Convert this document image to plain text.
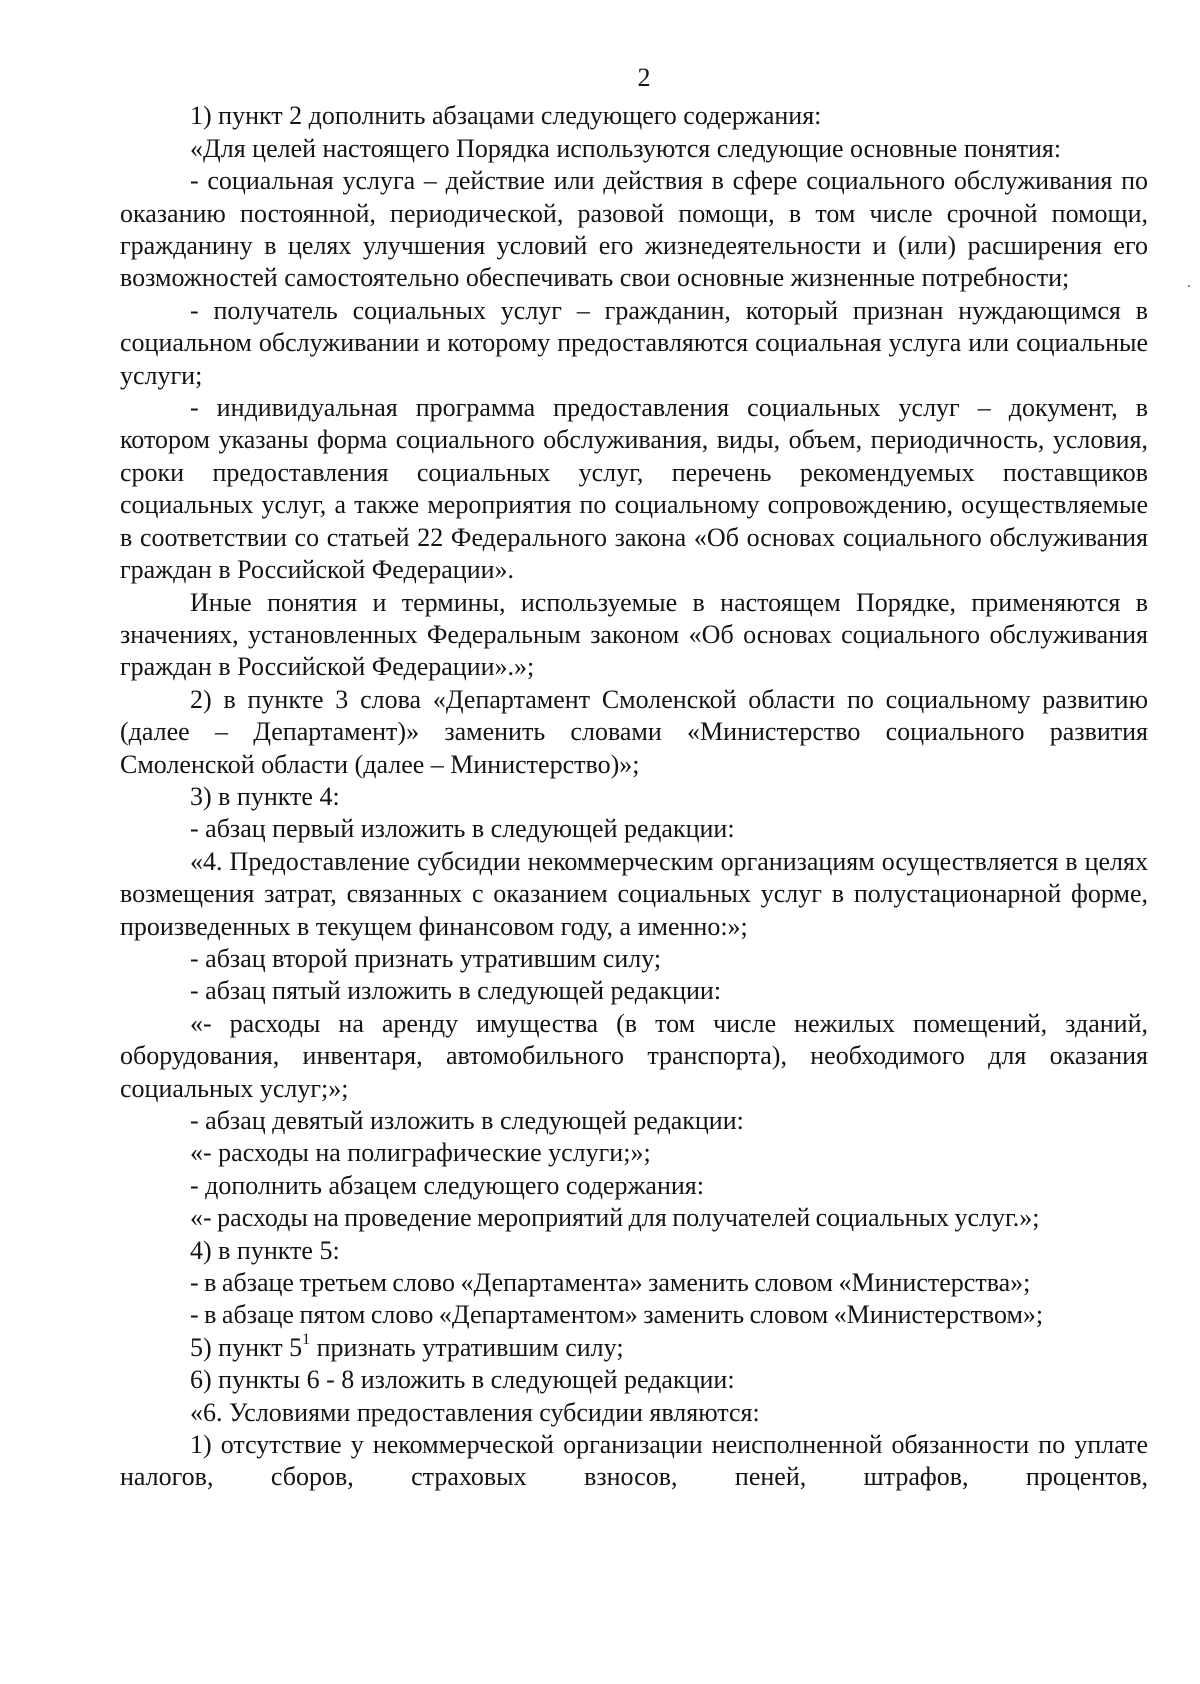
2

1) пункт 2 дополнить абзацами следующего содержания:

«Для целей настоящего Порядка используются следующие основные понятия:

- социальная услуга – действие или действия в сфере социального обслуживания по оказанию постоянной, периодической, разовой помощи, в том числе срочной помощи, гражданину в целях улучшения условий его жизнедеятельности и (или) расширения его возможностей самостоятельно обеспечивать свои основные жизненные потребности;

- получатель социальных услуг – гражданин, который признан нуждающимся в социальном обслуживании и которому предоставляются социальная услуга или социальные услуги;

- индивидуальная программа предоставления социальных услуг – документ, в котором указаны форма социального обслуживания, виды, объем, периодичность, условия, сроки предоставления социальных услуг, перечень рекомендуемых поставщиков социальных услуг, а также мероприятия по социальному сопровождению, осуществляемые в соответствии со статьей 22 Федерального закона «Об основах социального обслуживания граждан в Российской Федерации».

Иные понятия и термины, используемые в настоящем Порядке, применяются в значениях, установленных Федеральным законом «Об основах социального обслуживания граждан в Российской Федерации».»;

2) в пункте 3 слова «Департамент Смоленской области по социальному развитию (далее – Департамент)» заменить словами «Министерство социального развития Смоленской области (далее – Министерство)»;

3) в пункте 4:

- абзац первый изложить в следующей редакции:

«4. Предоставление субсидии некоммерческим организациям осуществляется в целях возмещения затрат, связанных с оказанием социальных услуг в полустационарной форме, произведенных в текущем финансовом году, а именно:»;

- абзац второй признать утратившим силу;

- абзац пятый изложить в следующей редакции:

«- расходы на аренду имущества (в том числе нежилых помещений, зданий, оборудования, инвентаря, автомобильного транспорта), необходимого для оказания социальных услуг;»;

- абзац девятый изложить в следующей редакции:

«- расходы на полиграфические услуги;»;

- дополнить абзацем следующего содержания:

«- расходы на проведение мероприятий для получателей социальных услуг.»;

4) в пункте 5:

- в абзаце третьем слово «Департамента» заменить словом «Министерства»;

- в абзаце пятом слово «Департаментом» заменить словом «Министерством»;

5) пункт $5^1$ признать утратившим силу;

6) пункты 6 - 8 изложить в следующей редакции:

«6. Условиями предоставления субсидии являются:

1) отсутствие у некоммерческой организации неисполненной обязанности по уплате налогов, сборов, страховых взносов, пеней, штрафов, процентов,
